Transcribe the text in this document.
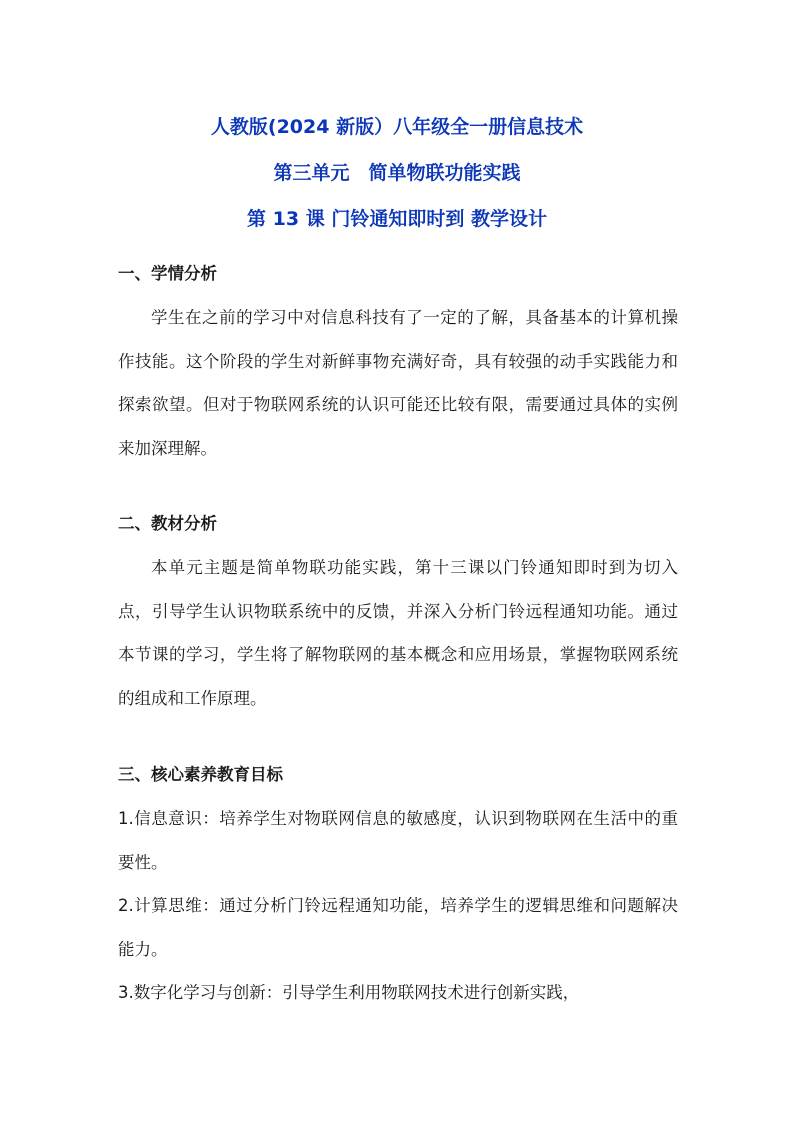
人教版(2024 新版）八年级全一册信息技术
第三单元　简单物联功能实践
第 13 课 门铃通知即时到 教学设计
一、学情分析

学生在之前的学习中对信息科技有了一定的了解，具备基本的计算机操作技能。这个阶段的学生对新鲜事物充满好奇，具有较强的动手实践能力和探索欲望。但对于物联网系统的认识可能还比较有限，需要通过具体的实例来加深理解。

二、教材分析

本单元主题是简单物联功能实践，第十三课以门铃通知即时到为切入点，引导学生认识物联系统中的反馈，并深入分析门铃远程通知功能。通过本节课的学习，学生将了解物联网的基本概念和应用场景，掌握物联网系统的组成和工作原理。

三、核心素养教育目标

1.信息意识：培养学生对物联网信息的敏感度，认识到物联网在生活中的重要性。

2.计算思维：通过分析门铃远程通知功能，培养学生的逻辑思维和问题解决能力。

3.数字化学习与创新：引导学生利用物联网技术进行创新实践，
